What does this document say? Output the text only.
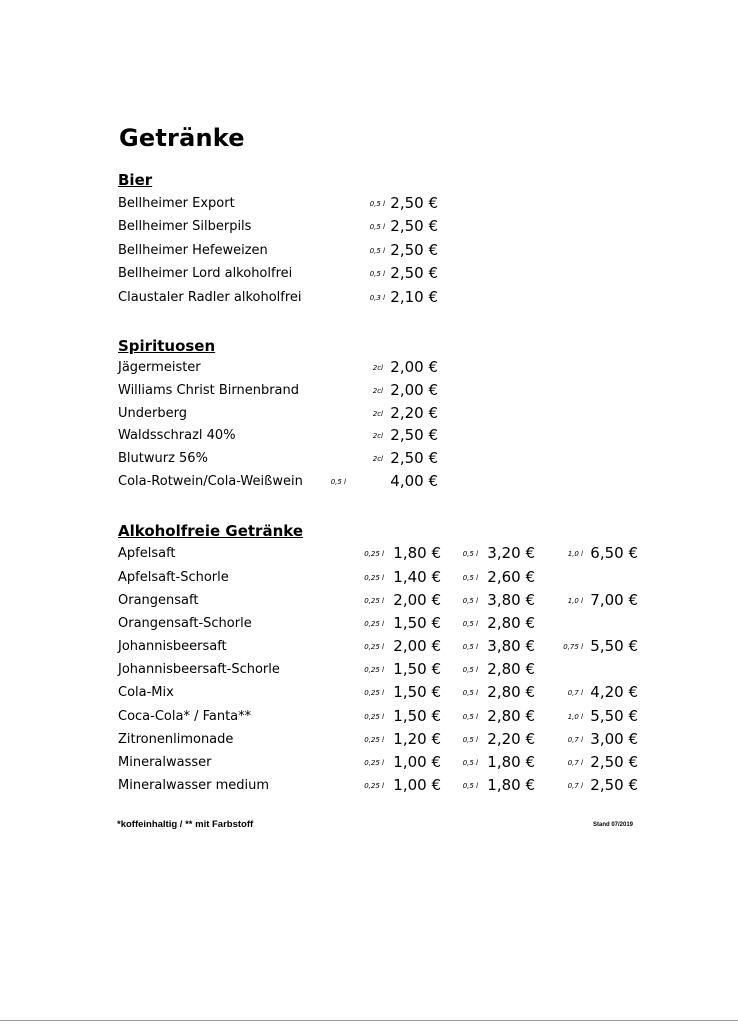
Getränke
Bier
Bellheimer Export	0,5 l 2,50 €
Bellheimer Silberpils	0,5 l 2,50 €
Bellheimer Hefeweizen	0,5 l 2,50 €
Bellheimer Lord alkoholfrei	0,5 l 2,50 €
Claustaler Radler alkoholfrei	0,3 l 2,10 €
Spirituosen
Jägermeister	2cl 2,00 €
Williams Christ Birnenbrand	2cl 2,00 €
Underberg	2cl 2,20 €
Waldsschrazl 40%	2cl 2,50 €
Blutwurz 56%	2cl 2,50 €
Cola-Rotwein/Cola-Weißwein	0,5 l	4,00 €
Alkoholfreie Getränke
Apfelsaft	0,25 l 1,80 €	0,5 l 3,20 €	1,0 l 6,50 €
Apfelsaft-Schorle	0,25 l 1,40 €	0,5 l 2,60 €
Orangensaft	0,25 l 2,00 €	0,5 l 3,80 €	1,0 l 7,00 €
Orangensaft-Schorle	0,25 l 1,50 €	0,5 l 2,80 €
Johannisbeersaft	0,25 l 2,00 €	0,5 l 3,80 €	0,75 l 5,50 €
Johannisbeersaft-Schorle	0,25 l 1,50 €	0,5 l 2,80 €
Cola-Mix	0,25 l 1,50 €	0,5 l 2,80 €	0,7 l 4,20 €
Coca-Cola* / Fanta**	0,25 l 1,50 €	0,5 l 2,80 €	1,0 l 5,50 €
Zitronenlimonade	0,25 l 1,20 €	0,5 l 2,20 €	0,7 l 3,00 €
Mineralwasser	0,25 l 1,00 €	0,5 l 1,80 €	0,7 l 2,50 €
Mineralwasser medium	0,25 l 1,00 €	0,5 l 1,80 €	0,7 l 2,50 €
*koffeinhaltig / ** mit Farbstoff	Stand 07/2019
